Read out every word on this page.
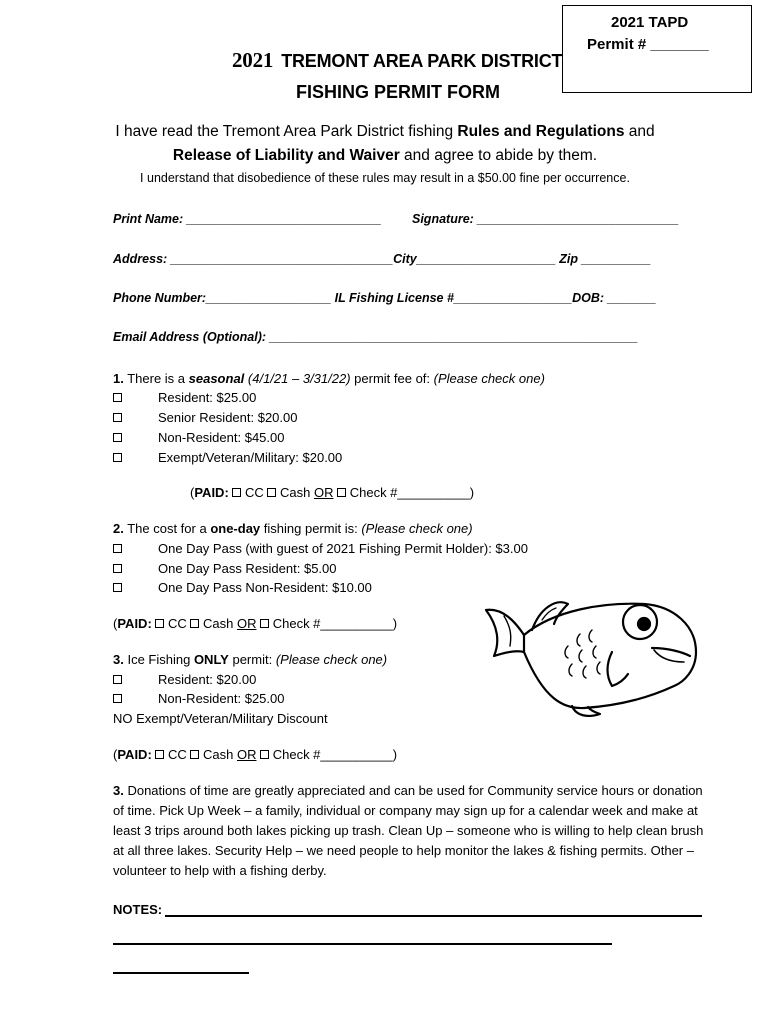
2021 TAPD
Permit # _______
2021 TREMONT AREA PARK DISTRICT
FISHING PERMIT FORM
I have read the Tremont Area Park District fishing Rules and Regulations and
Release of Liability and Waiver and agree to abide by them.
I understand that disobedience of these rules may result in a $50.00 fine per occurrence.
Print Name: ____________________________ Signature: _____________________________
Address: ________________________________City____________________ Zip __________
Phone Number:__________________ IL Fishing License #_________________DOB: _______
Email Address (Optional): _____________________________________________________
1. There is a seasonal (4/1/21 – 3/31/22) permit fee of: (Please check one)
Resident: $25.00
Senior Resident: $20.00
Non-Resident: $45.00
Exempt/Veteran/Military: $20.00
(PAID:  CC  Cash OR  Check #__________)
2. The cost for a one-day fishing permit is: (Please check one)
One Day Pass (with guest of 2021 Fishing Permit Holder): $3.00
One Day Pass Resident: $5.00
One Day Pass Non-Resident: $10.00
(PAID:  CC  Cash OR  Check #__________)
3. Ice Fishing ONLY permit: (Please check one)
Resident: $20.00
Non-Resident: $25.00
NO Exempt/Veteran/Military Discount
(PAID:  CC  Cash OR  Check #__________)
3. Donations of time are greatly appreciated and can be used for Community service hours or donation of time. Pick Up Week – a family, individual or company may sign up for a calendar week and make at least 3 trips around both lakes picking up trash. Clean Up – someone who is willing to help clean brush at all three lakes. Security Help – we need people to help monitor the lakes & fishing permits. Other – volunteer to help with a fishing derby.
NOTES:
